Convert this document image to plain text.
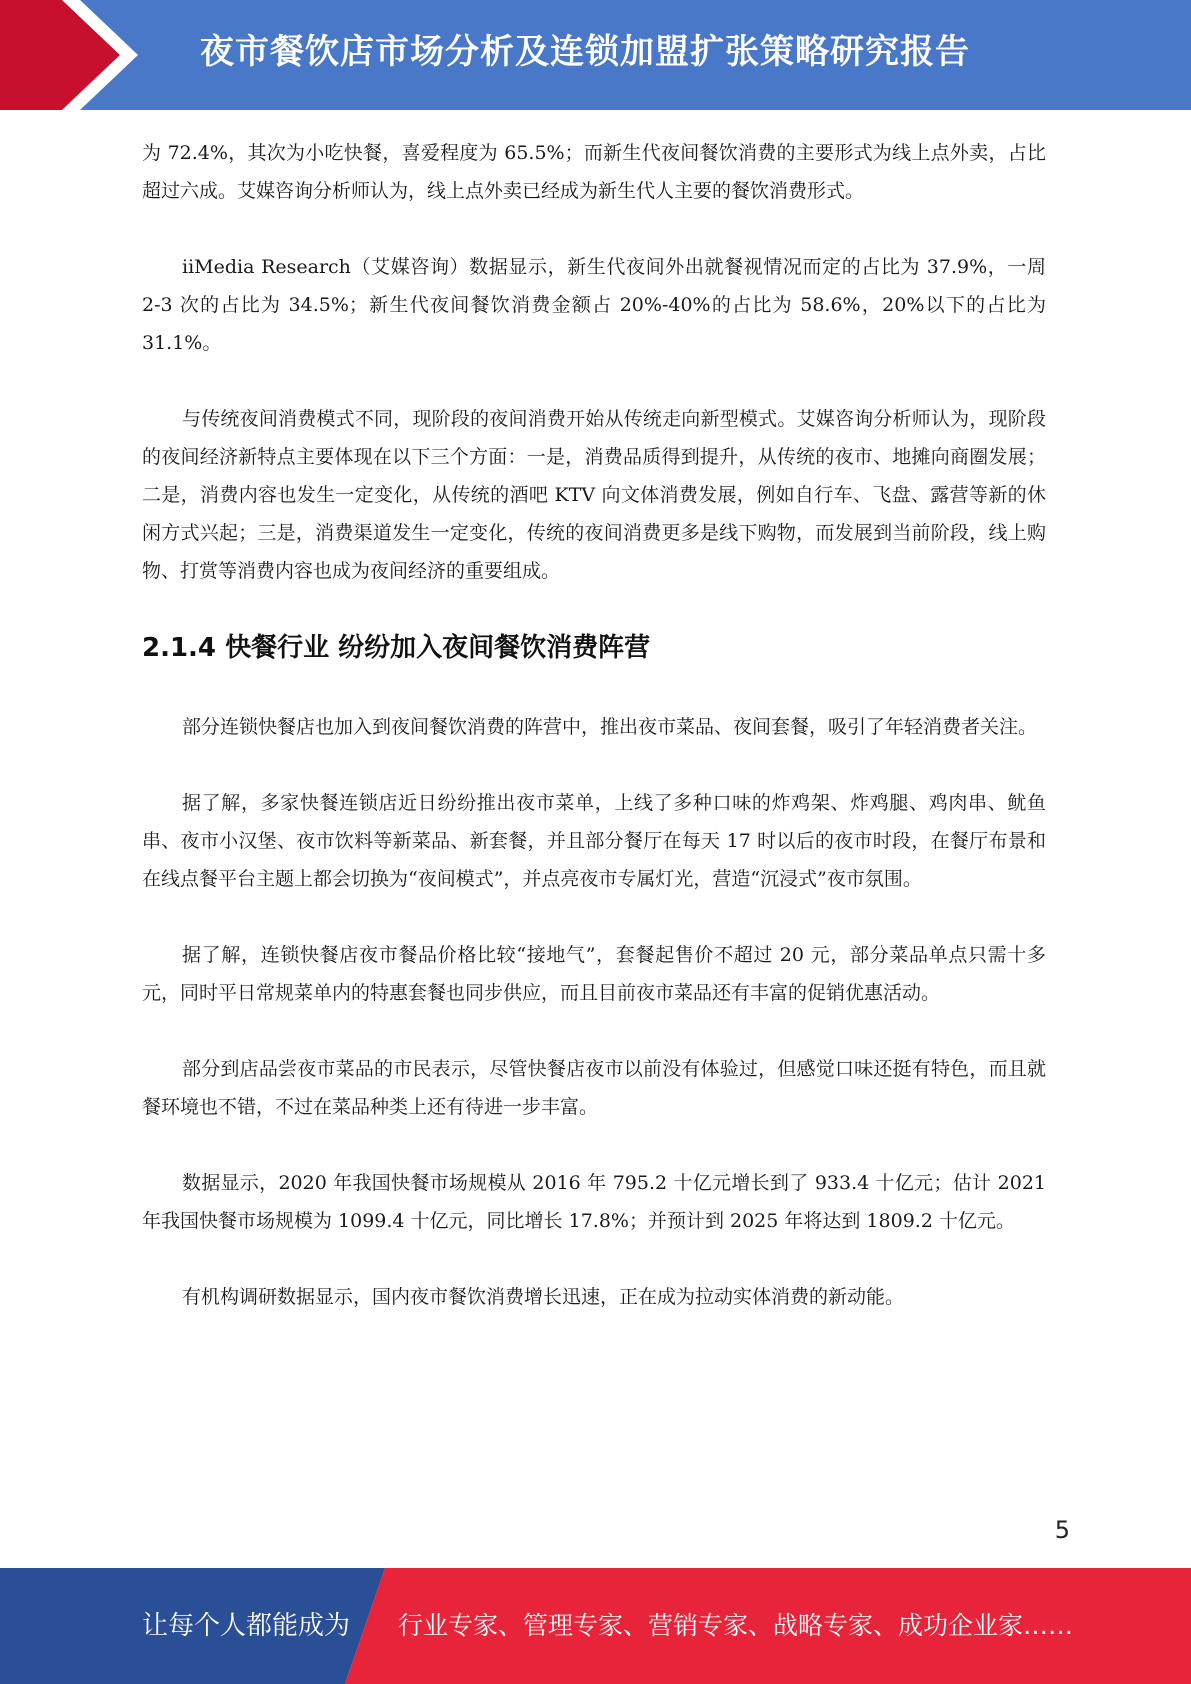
夜市餐饮店市场分析及连锁加盟扩张策略研究报告

为 72.4%，其次为小吃快餐，喜爱程度为 65.5%；而新生代夜间餐饮消费的主要形式为线上点外卖，占比超过六成。艾媒咨询分析师认为，线上点外卖已经成为新生代人主要的餐饮消费形式。

iiMedia Research（艾媒咨询）数据显示，新生代夜间外出就餐视情况而定的占比为 37.9%，一周 2-3 次的占比为 34.5%；新生代夜间餐饮消费金额占 20%-40%的占比为 58.6%，20%以下的占比为 31.1%。

与传统夜间消费模式不同，现阶段的夜间消费开始从传统走向新型模式。艾媒咨询分析师认为，现阶段的夜间经济新特点主要体现在以下三个方面：一是，消费品质得到提升，从传统的夜市、地摊向商圈发展；二是，消费内容也发生一定变化，从传统的酒吧 KTV 向文体消费发展，例如自行车、飞盘、露营等新的休闲方式兴起；三是，消费渠道发生一定变化，传统的夜间消费更多是线下购物，而发展到当前阶段，线上购物、打赏等消费内容也成为夜间经济的重要组成。

2.1.4 快餐行业 纷纷加入夜间餐饮消费阵营

部分连锁快餐店也加入到夜间餐饮消费的阵营中，推出夜市菜品、夜间套餐，吸引了年轻消费者关注。

据了解，多家快餐连锁店近日纷纷推出夜市菜单，上线了多种口味的炸鸡架、炸鸡腿、鸡肉串、鱿鱼串、夜市小汉堡、夜市饮料等新菜品、新套餐，并且部分餐厅在每天 17 时以后的夜市时段，在餐厅布景和在线点餐平台主题上都会切换为“夜间模式”，并点亮夜市专属灯光，营造“沉浸式”夜市氛围。

据了解，连锁快餐店夜市餐品价格比较“接地气”，套餐起售价不超过 20 元，部分菜品单点只需十多元，同时平日常规菜单内的特惠套餐也同步供应，而且目前夜市菜品还有丰富的促销优惠活动。

部分到店品尝夜市菜品的市民表示，尽管快餐店夜市以前没有体验过，但感觉口味还挺有特色，而且就餐环境也不错，不过在菜品种类上还有待进一步丰富。

数据显示，2020 年我国快餐市场规模从 2016 年 795.2 十亿元增长到了 933.4 十亿元；估计 2021 年我国快餐市场规模为 1099.4 十亿元，同比增长 17.8%；并预计到 2025 年将达到 1809.2 十亿元。

有机构调研数据显示，国内夜市餐饮消费增长迅速，正在成为拉动实体消费的新动能。

5
让每个人都能成为 行业专家、管理专家、营销专家、战略专家、成功企业家……
